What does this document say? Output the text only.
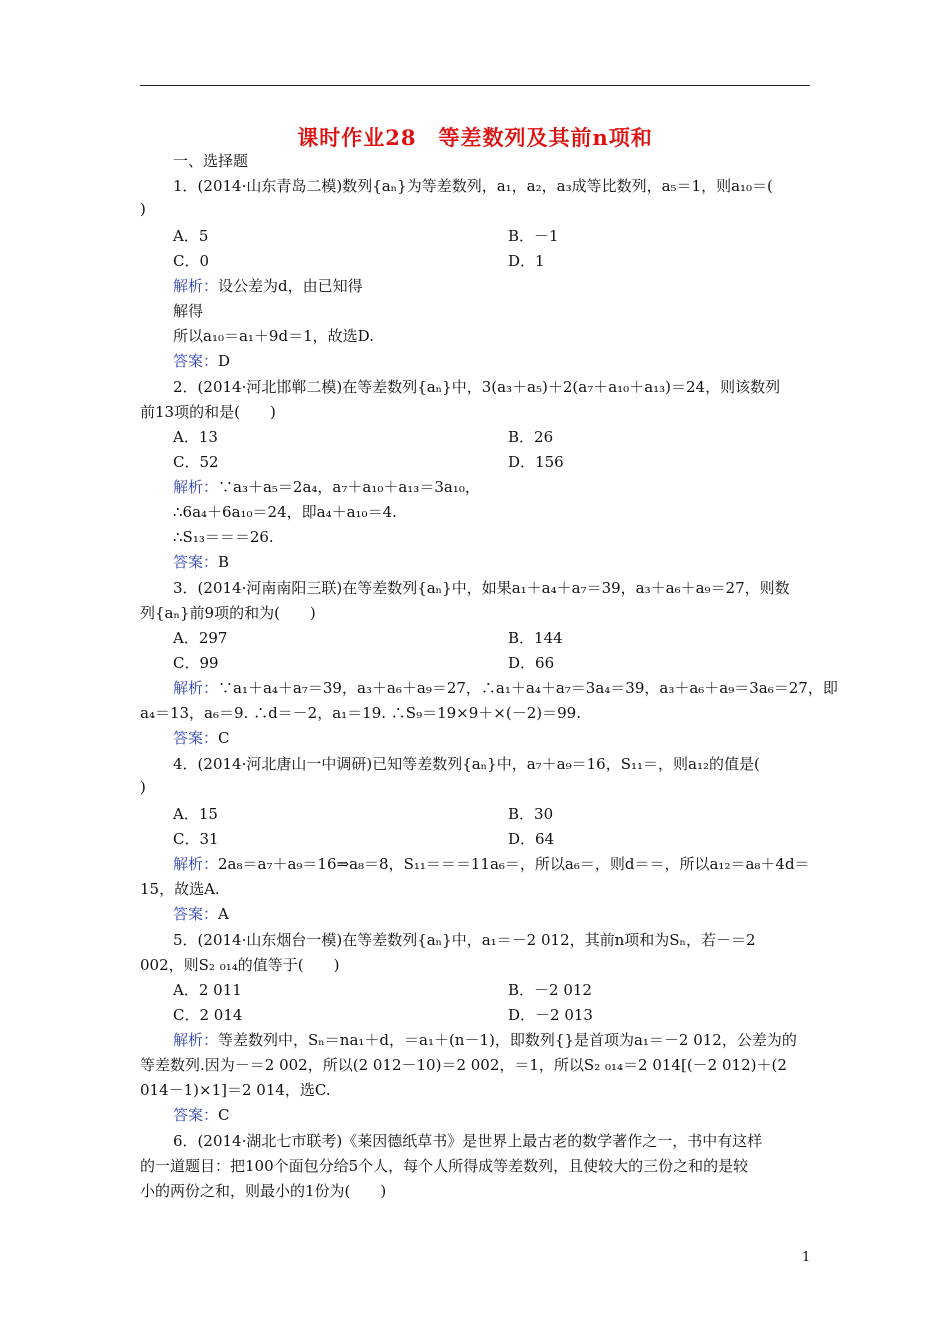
课时作业28　等差数列及其前n项和
一、选择题
1．(2014·山东青岛二模)数列{aₙ}为等差数列，a₁，a₂，a₃成等比数列，a₅＝1，则a₁₀＝(
)
A．5	B．－1
C．0	D．1
解析：设公差为d，由已知得
解得
所以a₁₀＝a₁＋9d＝1，故选D.
答案：D
2．(2014·河北邯郸二模)在等差数列{aₙ}中，3(a₃＋a₅)＋2(a₇＋a₁₀＋a₁₃)＝24，则该数列
前13项的和是(　　)
A．13	B．26
C．52	D．156
解析：∵a₃＋a₅＝2a₄，a₇＋a₁₀＋a₁₃＝3a₁₀，
∴6a₄＋6a₁₀＝24，即a₄＋a₁₀＝4.
∴S₁₃＝＝＝26.
答案：B
3．(2014·河南南阳三联)在等差数列{aₙ}中，如果a₁＋a₄＋a₇＝39，a₃＋a₆＋a₉＝27，则数
列{aₙ}前9项的和为(　　)
A．297	B．144
C．99	D．66
解析：∵a₁＋a₄＋a₇＝39，a₃＋a₆＋a₉＝27，∴a₁＋a₄＋a₇＝3a₄＝39，a₃＋a₆＋a₉＝3a₆＝27，即
a₄＝13，a₆＝9. ∴d＝－2，a₁＝19. ∴S₉＝19×9＋×(－2)＝99.
答案：C
4．(2014·河北唐山一中调研)已知等差数列{aₙ}中，a₇＋a₉＝16，S₁₁＝，则a₁₂的值是(
)
A．15	B．30
C．31	D．64
解析：2a₈＝a₇＋a₉＝16⇒a₈＝8，S₁₁＝＝＝11a₆＝，所以a₆＝，则d＝＝，所以a₁₂＝a₈＋4d＝
15，故选A.
答案：A
5．(2014·山东烟台一模)在等差数列{aₙ}中，a₁＝－2 012，其前n项和为Sₙ，若－＝2
002，则S₂ ₀₁₄的值等于(　　)
A．2 011	B．－2 012
C．2 014	D．－2 013
解析：等差数列中，Sₙ＝na₁＋d，＝a₁＋(n－1)，即数列{}是首项为a₁＝－2 012，公差为的
等差数列.因为－＝2 002，所以(2 012－10)＝2 002，＝1，所以S₂ ₀₁₄＝2 014[(－2 012)＋(2
014－1)×1]＝2 014，选C.
答案：C
6．(2014·湖北七市联考)《莱因德纸草书》是世界上最古老的数学著作之一，书中有这样
的一道题目：把100个面包分给5个人，每个人所得成等差数列，且使较大的三份之和的是较
小的两份之和，则最小的1份为(　　)
1
